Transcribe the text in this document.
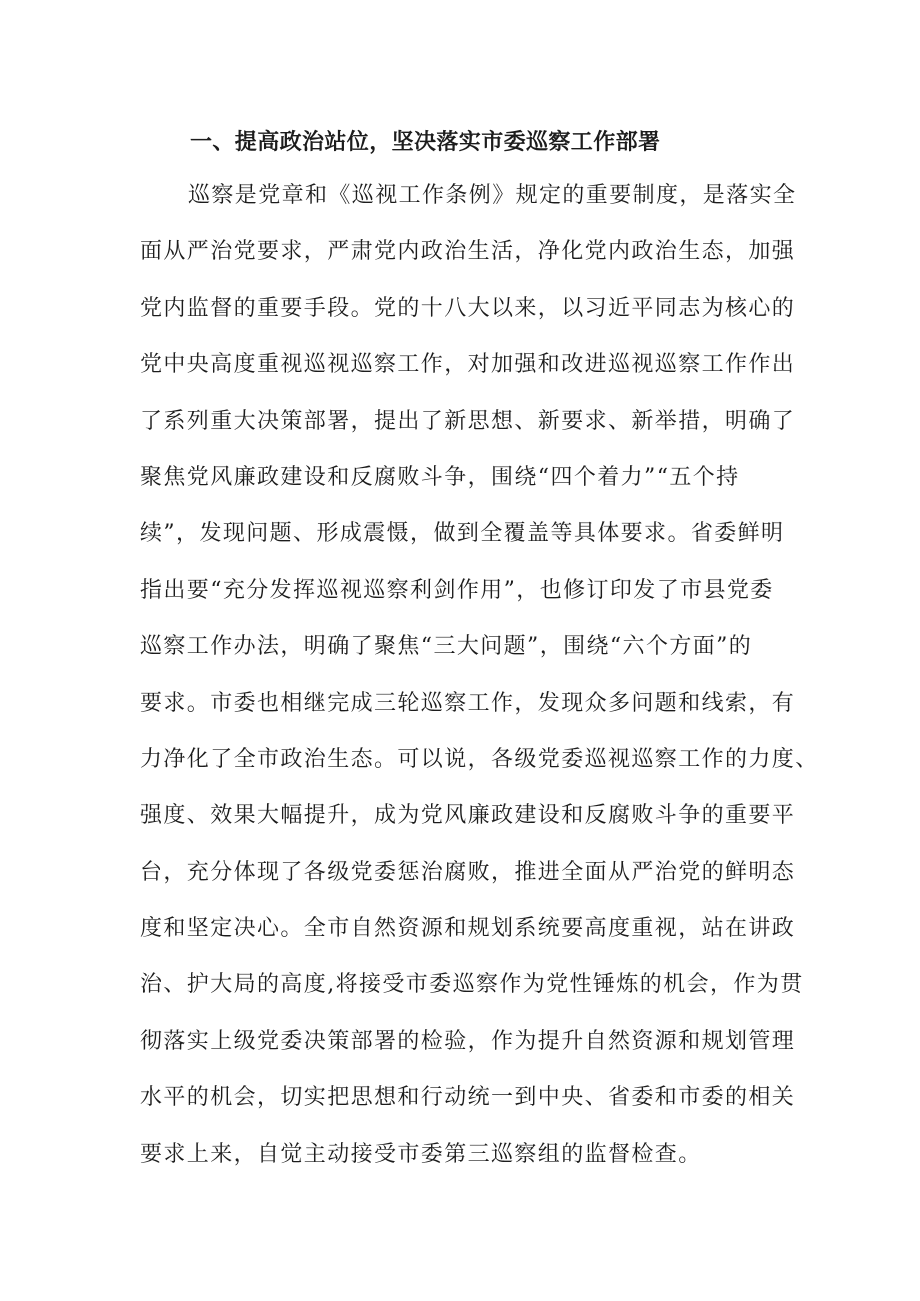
一、提高政治站位，坚决落实市委巡察工作部署
巡察是党章和《巡视工作条例》规定的重要制度，是落实全
面从严治党要求，严肃党内政治生活，净化党内政治生态，加强
党内监督的重要手段。党的十八大以来，以习近平同志为核心的
党中央高度重视巡视巡察工作，对加强和改进巡视巡察工作作出
了系列重大决策部署，提出了新思想、新要求、新举措，明确了
聚焦党风廉政建设和反腐败斗争，围绕“四个着力”“五个持
续”，发现问题、形成震慑，做到全覆盖等具体要求。省委鲜明
指出要“充分发挥巡视巡察利剑作用”，也修订印发了市县党委
巡察工作办法，明确了聚焦“三大问题”，围绕“六个方面”的
要求。市委也相继完成三轮巡察工作，发现众多问题和线索，有
力净化了全市政治生态。可以说，各级党委巡视巡察工作的力度、
强度、效果大幅提升，成为党风廉政建设和反腐败斗争的重要平
台，充分体现了各级党委惩治腐败，推进全面从严治党的鲜明态
度和坚定决心。全市自然资源和规划系统要高度重视，站在讲政
治、护大局的高度,将接受市委巡察作为党性锤炼的机会，作为贯
彻落实上级党委决策部署的检验，作为提升自然资源和规划管理
水平的机会，切实把思想和行动统一到中央、省委和市委的相关
要求上来，自觉主动接受市委第三巡察组的监督检查。
